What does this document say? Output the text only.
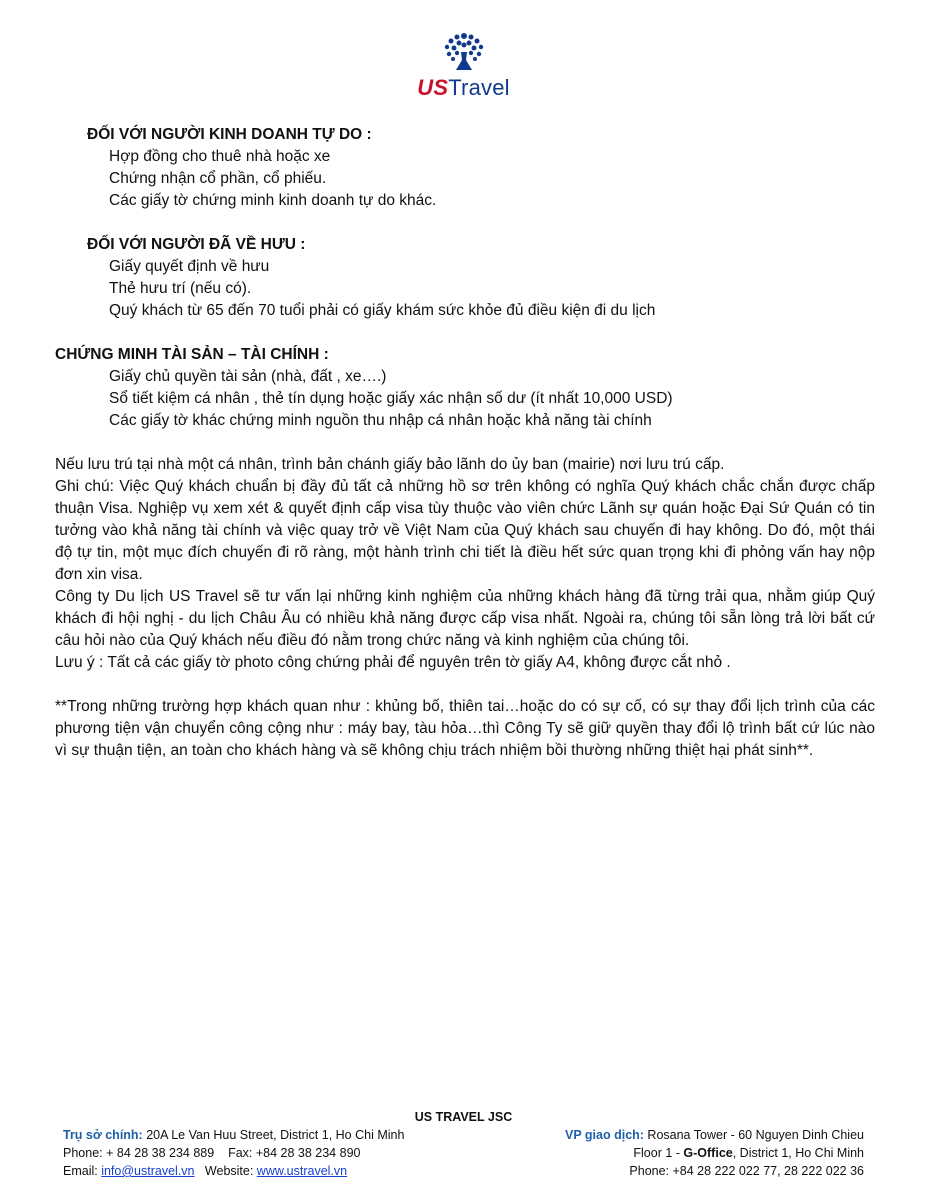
USTravel

ĐỐI VỚI NGƯỜI KINH DOANH TỰ DO :

Hợp đồng cho thuê nhà hoặc xe

Chứng nhận cổ phần, cổ phiếu.

Các giấy tờ chứng minh kinh doanh tự do khác.

ĐỐI VỚI NGƯỜI ĐÃ VỀ HƯU :

Giấy quyết định về hưu

Thẻ hưu trí (nếu có).

Quý khách từ 65 đến 70 tuổi phải có giấy khám sức khỏe đủ điều kiện đi du lịch

CHỨNG MINH TÀI SẢN – TÀI CHÍNH :

Giấy chủ quyền tài sản (nhà, đất , xe….)

Sổ tiết kiệm cá nhân , thẻ tín dụng hoặc giấy xác nhận số dư (ít nhất 10,000 USD)

Các giấy tờ khác chứng minh nguồn thu nhập cá nhân hoặc khả năng tài chính

Nếu lưu trú tại nhà một cá nhân, trình bản chánh giấy bảo lãnh do ủy ban (mairie) nơi lưu trú cấp.

Ghi chú: Việc Quý khách chuẩn bị đầy đủ tất cả những hồ sơ trên không có nghĩa Quý khách chắc chắn được chấp thuận Visa. Nghiệp vụ xem xét & quyết định cấp visa tùy thuộc vào viên chức Lãnh sự quán hoặc Đại Sứ Quán có tin tưởng vào khả năng tài chính và việc quay trở về Việt Nam của Quý khách sau chuyến đi hay không. Do đó, một thái độ tự tin, một mục đích chuyến đi rõ ràng, một hành trình chi tiết là điều hết sức quan trọng khi đi phỏng vấn hay nộp đơn xin visa.

Công ty Du lịch US Travel sẽ tư vấn lại những kinh nghiệm của những khách hàng đã từng trải qua, nhằm giúp Quý khách đi hội nghị - du lịch Châu Âu có nhiều khả năng được cấp visa nhất. Ngoài ra, chúng tôi sẵn lòng trả lời bất cứ câu hỏi nào của Quý khách nếu điều đó nằm trong chức năng và kinh nghiệm của chúng tôi.

Lưu ý : Tất cả các giấy tờ photo công chứng phải để nguyên trên tờ giấy A4, không được cắt nhỏ .

**Trong những trường hợp khách quan như : khủng bố, thiên tai…hoặc do có sự cố, có sự thay đổi lịch trình của các phương tiện vận chuyển công cộng như : máy bay, tàu hỏa…thì Công Ty sẽ giữ quyền thay đổi lộ trình bất cứ lúc nào vì sự thuận tiện, an toàn cho khách hàng và sẽ không chịu trách nhiệm bồi thường những thiệt hại phát sinh**.

US TRAVEL JSC
Trụ sở chính: 20A Le Van Huu Street, District 1, Ho Chi Minh
Phone: + 84 28 38 234 889    Fax: +84 28 38 234 890
Email: info@ustravel.vn   Website: www.ustravel.vn
VP giao dịch: Rosana Tower - 60 Nguyen Dinh Chieu
Floor 1 - G-Office, District 1, Ho Chi Minh
Phone: +84 28 222 022 77, 28 222 022 36
